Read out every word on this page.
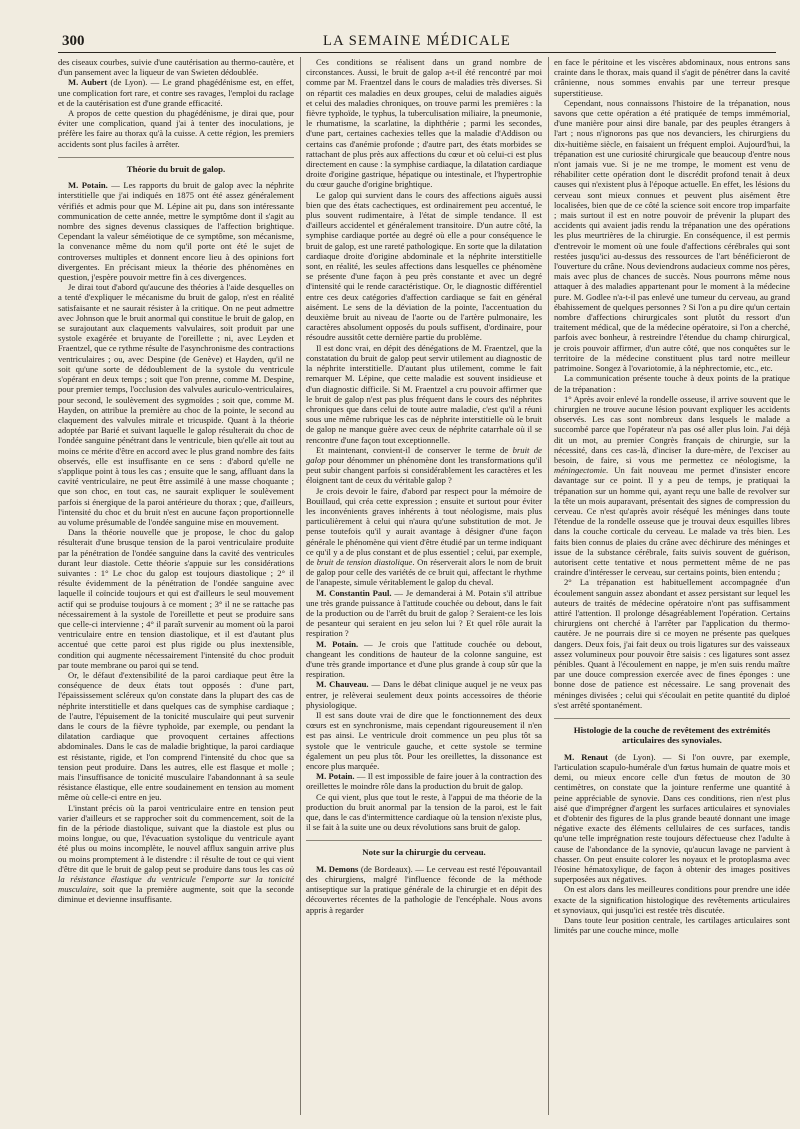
300	LA SEMAINE MÉDICALE

des ciseaux courbes, suivie d'une cautérisation au thermo-cautère, et d'un pansement avec la liqueur de van Swieten dédoublée.

M. Aubert (de Lyon). — Le grand phagédénisme est, en effet, une complication fort rare, et contre ses ravages, l'emploi du raclage et de la cautérisation est d'une grande efficacité.

A propos de cette question du phagédénisme, je dirai que, pour éviter une complication, quand j'ai à tenter des inoculations, je préfère les faire au thorax qu'à la cuisse. A cette région, les premiers accidents sont plus faciles à arrêter.

Théorie du bruit de galop.

M. Potain. — Les rapports du bruit de galop avec la néphrite interstitielle que j'ai indiqués en 1875 ont été assez généralement vérifiés et admis pour que M. Lépine ait pu, dans son intéressante communication de cette année, mettre le symptôme dont il s'agit au nombre des signes devenus classiques de l'affection brightique. Cependant la valeur séméiotique de ce symptôme, son mécanisme, la convenance même du nom qu'il porte ont été le sujet de controverses multiples et donnent encore lieu à des opinions fort divergentes. En précisant mieux la théorie des phénomènes en question, j'espère pouvoir mettre fin à ces divergences.

Je dirai tout d'abord qu'aucune des théories à l'aide desquelles on a tenté d'expliquer le mécanisme du bruit de galop, n'est en réalité satisfaisante et ne saurait résister à la critique. On ne peut admettre avec Johnson que le bruit anormal qui constitue le bruit de galop, en se surajoutant aux claquements valvulaires, soit produit par une systole exagérée et bruyante de l'oreillette ; ni, avec Leyden et Fraentzel, que ce rythme résulte de l'asynchronisme des contractions ventriculaires ; ou, avec Despine (de Genève) et Hayden, qu'il ne soit qu'une sorte de dédoublement de la systole du ventricule s'opérant en deux temps ; soit que l'on prenne, comme M. Despine, pour premier temps, l'occlusion des valvules auriculo-ventriculaires, pour second, le soulèvement des sygmoïdes ; soit que, comme M. Hayden, on attribue la première au choc de la pointe, le second au claquement des valvules mitrale et tricuspide. Quant à la théorie adoptée par Barié et suivant laquelle le galop résulterait du choc de l'ondée sanguine pénétrant dans le ventricule, bien qu'elle ait tout au moins ce mérite d'être en accord avec le plus grand nombre des faits observés, elle est insuffisante en ce sens : d'abord qu'elle ne s'applique point à tous les cas ; ensuite que le sang, affluant dans la cavité ventriculaire, ne peut être assimilé à une masse choquante ; que son choc, en tout cas, ne saurait expliquer le soulèvement parfois si énergique de la paroi antérieure du thorax ; que, d'ailleurs, l'intensité du choc et du bruit n'est en aucune façon proportionnelle au volume présumable de l'ondée sanguine mise en mouvement.

Dans la théorie nouvelle que je propose, le choc du galop résulterait d'une brusque tension de la paroi ventriculaire produite par la pénétration de l'ondée sanguine dans la cavité des ventricules durant leur diastole. Cette théorie s'appuie sur les considérations suivantes : 1° Le choc du galop est toujours diastolique ; 2° il résulte évidemment de la pénétration de l'ondée sanguine avec laquelle il coïncide toujours et qui est d'ailleurs le seul mouvement actif qui se produise toujours à ce moment ; 3° il ne se rattache pas nécessairement à la systole de l'oreillette et peut se produire sans que celle-ci intervienne ; 4° il paraît survenir au moment où la paroi ventriculaire entre en tension diastolique, et il est d'autant plus accentué que cette paroi est plus rigide ou plus inextensible, condition qui augmente nécessairement l'intensité du choc produit par toute membrane ou paroi qui se tend.

Or, le défaut d'extensibilité de la paroi cardiaque peut être la conséquence de deux états tout opposés : d'une part, l'épaississement scléreux qu'on constate dans la plupart des cas de néphrite interstitielle et dans quelques cas de symphise cardiaque ; de l'autre, l'épuisement de la tonicité musculaire qui peut survenir dans le cours de la fièvre typhoïde, par exemple, ou pendant la dilatation cardiaque que provoquent certaines affections abdominales. Dans le cas de maladie brightique, la paroi cardiaque est résistante, rigide, et l'on comprend l'intensité du choc que sa tension peut produire. Dans les autres, elle est flasque et molle ; mais l'insuffisance de tonicité musculaire l'abandonnant à sa seule résistance élastique, elle entre soudainement en tension au moment même où celle-ci entre en jeu.

L'instant précis où la paroi ventriculaire entre en tension peut varier d'ailleurs et se rapprocher soit du commencement, soit de la fin de la période diastolique, suivant que la diastole est plus ou moins longue, ou que, l'évacuation systolique du ventricule ayant été plus ou moins incomplète, le nouvel afflux sanguin arrive plus ou moins promptement à le distendre : il résulte de tout ce qui vient d'être dit que le bruit de galop peut se produire dans tous les cas où la résistance élastique du ventricule l'emporte sur la tonicité musculaire, soit que la première augmente, soit que la seconde diminue et devienne insuffisante.

Ces conditions se réalisent dans un grand nombre de circonstances. Aussi, le bruit de galop a-t-il été rencontré par moi comme par M. Fraentzel dans le cours de maladies très diverses. Si on répartit ces maladies en deux groupes, celui de maladies aiguës et celui des maladies chroniques, on trouve parmi les premières : la fièvre typhoïde, le typhus, la tuberculisation miliaire, la pneumonie, le rhumatisme, la scarlatine, la diphthérie ; parmi les secondes, d'une part, certaines cachexies telles que la maladie d'Addison ou certains cas d'anémie profonde ; d'autre part, des états morbides se rattachant de plus près aux affections du cœur et où celui-ci est plus directement en cause : la symphise cardiaque, la dilatation cardiaque droite d'origine gastrique, hépatique ou intestinale, et l'hypertrophie du cœur gauche d'origine brightique.

Le galop qui survient dans le cours des affections aiguës aussi bien que des états cachectiques, est ordinairement peu accentué, le plus souvent rudimentaire, à l'état de simple tendance. Il est d'ailleurs accidentel et généralement transitoire. D'un autre côté, la symphise cardiaque portée au degré où elle a pour conséquence le bruit de galop, est une rareté pathologique. En sorte que la dilatation cardiaque droite d'origine abdominale et la néphrite interstitielle sont, en réalité, les seules affections dans lesquelles ce phénomène se présente d'une façon à peu près constante et avec un degré d'intensité qui le rende caractéristique. Or, le diagnostic différentiel entre ces deux catégories d'affection cardiaque se fait en général aisément. Le sens de la déviation de la pointe, l'accentuation du deuxième bruit au niveau de l'aorte ou de l'artère pulmonaire, les caractères absolument opposés du pouls suffisent, d'ordinaire, pour résoudre aussitôt cette dernière partie du problème.

Il est donc vrai, en dépit des dénégations de M. Fraentzel, que la constatation du bruit de galop peut servir utilement au diagnostic de la néphrite interstitielle. D'autant plus utilement, comme le fait remarquer M. Lépine, que cette maladie est souvent insidieuse et d'un diagnostic difficile. Si M. Fraentzel a cru pouvoir affirmer que le bruit de galop n'est pas plus fréquent dans le cours des néphrites chroniques que dans celui de toute autre maladie, c'est qu'il a réuni sous une même rubrique les cas de néphrite interstitielle où le bruit de galop ne manque guère avec ceux de néphrite catarrhale où il se rencontre d'une façon tout exceptionnelle.

Et maintenant, convient-il de conserver le terme de bruit de galop pour dénommer un phénomène dont les transformations qu'il peut subir changent parfois si considérablement les caractères et les éloignent tant de ceux du véritable galop ?

Je crois devoir le faire, d'abord par respect pour la mémoire de Bouillaud, qui créa cette expression ; ensuite et surtout pour éviter les inconvénients graves inhérents à tout néologisme, mais plus particulièrement à celui qui n'aura qu'une substitution de mot. Je pense toutefois qu'il y aurait avantage à désigner d'une façon générale le phénomène qui vient d'être étudié par un terme indiquant ce qu'il y a de plus constant et de plus essentiel ; celui, par exemple, de bruit de tension diastolique. On réserverait alors le nom de bruit de galop pour celle des variétés de ce bruit qui, affectant le rhythme de l'anapeste, simule véritablement le galop du cheval.

M. Constantin Paul. — Je demanderai à M. Potain s'il attribue une très grande puissance à l'attitude couchée ou debout, dans le fait de la production ou de l'arrêt du bruit de galop ? Seraient-ce les lois de pesanteur qui seraient en jeu selon lui ? Et quel rôle aurait la respiration ?

M. Potain. — Je crois que l'attitude couchée ou debout, changeant les conditions de hauteur de la colonne sanguine, est d'une très grande importance et d'une plus grande à coup sûr que la respiration.

M. Chauveau. — Dans le débat clinique auquel je ne veux pas entrer, je relèverai seulement deux points accessoires de théorie physiologique.

Il est sans doute vrai de dire que le fonctionnement des deux cœurs est en synchronisme, mais cependant rigoureusement il n'en est pas ainsi. Le ventricule droit commence un peu plus tôt sa systole que le ventricule gauche, et cette systole se termine également un peu plus tôt. Pour les oreillettes, la dissonance est encore plus marquée.

M. Potain. — Il est impossible de faire jouer à la contraction des oreillettes le moindre rôle dans la production du bruit de galop.

Ce qui vient, plus que tout le reste, à l'appui de ma théorie de la production du bruit anormal par la tension de la paroi, est le fait que, dans le cas d'intermittence cardiaque où la tension n'existe plus, il se fait à la suite une ou deux révolutions sans bruit de galop.

Note sur la chirurgie du cerveau.

M. Demons (de Bordeaux). — Le cerveau est resté l'épouvantail des chirurgiens, malgré l'influence féconde de la méthode antiseptique sur la pratique générale de la chirurgie et en dépit des découvertes récentes de la pathologie de l'encéphale. Nous avons appris à regarder

en face le péritoine et les viscères abdominaux, nous entrons sans crainte dans le thorax, mais quand il s'agit de pénétrer dans la cavité crânienne, nous sommes envahis par une terreur presque superstitieuse.

Cependant, nous connaissons l'histoire de la trépanation, nous savons que cette opération a été pratiquée de temps immémorial, d'une manière pour ainsi dire banale, par des peuples étrangers à l'art ; nous n'ignorons pas que nos devanciers, les chirurgiens du dix-huitième siècle, en faisaient un fréquent emploi. Aujourd'hui, la trépanation est une curiosité chirurgicale que beaucoup d'entre nous n'ont jamais vue. Si je ne me trompe, le moment est venu de réhabiliter cette opération dont le discrédit profond tenait à deux causes qui n'existent plus à l'époque actuelle. En effet, les lésions du cerveau sont mieux connues et peuvent plus aisément être localisées, bien que de ce côté la science soit encore trop imparfaite ; mais surtout il est en notre pouvoir de prévenir la plupart des accidents qui avaient jadis rendu la trépanation une des opérations les plus meurtrières de la chirurgie. En conséquence, il est permis d'entrevoir le moment où une foule d'affections cérébrales qui sont restées jusqu'ici au-dessus des ressources de l'art bénéficieront de l'ouverture du crâne. Nous deviendrons audacieux comme nos pères, mais avec plus de chances de succès. Nous pourrons même nous attaquer à des maladies appartenant pour le moment à la médecine pure. M. Godlee n'a-t-il pas enlevé une tumeur du cerveau, au grand ébahissement de quelques personnes ? Si l'on a pu dire qu'un certain nombre d'affections chirurgicales sont plutôt du ressort d'un traitement médical, que de la médecine opératoire, si l'on a cherché, parfois avec bonheur, à restreindre l'étendue du champ chirurgical, je crois pouvoir affirmer, d'un autre côté, que nos conquêtes sur le territoire de la médecine constituent plus tard notre meilleur patrimoine. Songez à l'ovariotomie, à la néphrectomie, etc., etc.

La communication présente touche à deux points de la pratique de la trépanation :

1° Après avoir enlevé la rondelle osseuse, il arrive souvent que le chirurgien ne trouve aucune lésion pouvant expliquer les accidents observés. Les cas sont nombreux dans lesquels le malade a succombé parce que l'opérateur n'a pas osé aller plus loin. J'ai déjà dit un mot, au premier Congrès français de chirurgie, sur la nécessité, dans ces cas-là, d'inciser la dure-mère, de l'exciser au besoin, de faire, si vous me permettez ce néologisme, la méningectomie. Un fait nouveau me permet d'insister encore davantage sur ce point. Il y a peu de temps, je pratiquai la trépanation sur un homme qui, ayant reçu une balle de revolver sur la tête un mois auparavant, présentait des signes de compression du cerveau. Ce n'est qu'après avoir réséqué les méninges dans toute l'étendue de la rondelle osseuse que je trouvai deux esquilles libres dans la couche corticale du cerveau. Le malade va très bien. Les faits bien connus de plaies du crâne avec déchirure des méninges et issue de la substance cérébrale, faits suivis souvent de guérison, autorisent cette tentative et nous permettent même de ne pas craindre d'intéresser le cerveau, sur certains points, bien entendu ;

2° La trépanation est habituellement accompagnée d'un écoulement sanguin assez abondant et assez persistant sur lequel les auteurs de traités de médecine opératoire n'ont pas suffisamment attiré l'attention. Il prolonge désagréablement l'opération. Certains chirurgiens ont cherché à l'arrêter par l'application du thermo-cautère. Je ne pourrais dire si ce moyen ne présente pas quelques dangers. Deux fois, j'ai fait deux ou trois ligatures sur des vaisseaux assez volumineux pour pouvoir être saisis : ces ligatures sont assez pénibles. Quant à l'écoulement en nappe, je m'en suis rendu maître par une douce compression exercée avec de fines éponges : une bonne dose de patience est nécessaire. Le sang provenait des méninges divisées ; celui qui s'écoulait en petite quantité du diploé s'est arrêté spontanément.

Histologie de la couche de revêtement des extrémités articulaires des synoviales.

M. Renaut (de Lyon). — Si l'on ouvre, par exemple, l'articulation scapulo-humérale d'un fœtus humain de quatre mois et demi, ou mieux encore celle d'un fœtus de mouton de 30 centimètres, on constate que la jointure renferme une quantité à peine appréciable de synovie. Dans ces conditions, rien n'est plus aisé que d'imprégner d'argent les surfaces articulaires et synoviales et d'obtenir des figures de la plus grande beauté donnant une image négative exacte des éléments cellulaires de ces surfaces, tandis qu'une telle imprégnation reste toujours défectueuse chez l'adulte à cause de l'abondance de la synovie, qu'aucun lavage ne parvient à chasser. On peut ensuite colorer les noyaux et le protoplasma avec l'éosine hématoxylique, de façon à obtenir des images positives superposées aux négatives.

On est alors dans les meilleures conditions pour prendre une idée exacte de la signification histologique des revêtements articulaires et synoviaux, qui jusqu'ici est restée très discutée.

Dans toute leur position centrale, les cartilages articulaires sont limités par une couche mince, molle
